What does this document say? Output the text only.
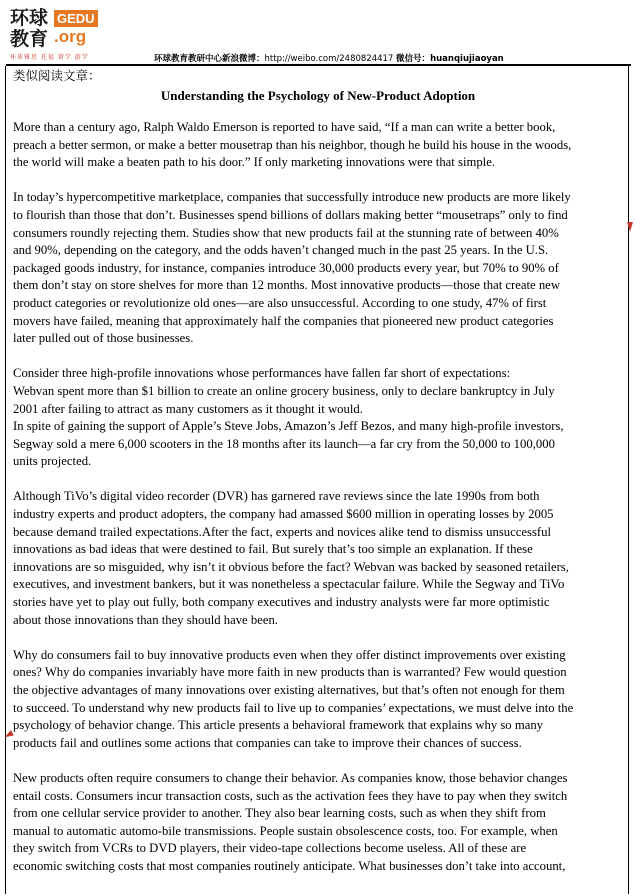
环球教育
GEDU
.org
环球雅思 托福 留学 游学	环球教育教研中心新浪微博：http://weibo.com/2480824417 微信号：huanqiujiaoyan

类似阅读文章：

Understanding the Psychology of New-Product Adoption

More than a century ago, Ralph Waldo Emerson is reported to have said, “If a man can write a better book,
preach a better sermon, or make a better mousetrap than his neighbor, though he build his house in the woods,
the world will make a beaten path to his door.” If only marketing innovations were that simple.

In today’s hypercompetitive marketplace, companies that successfully introduce new products are more likely
to flourish than those that don’t. Businesses spend billions of dollars making better “mousetraps” only to find
consumers roundly rejecting them. Studies show that new products fail at the stunning rate of between 40%
and 90%, depending on the category, and the odds haven’t changed much in the past 25 years. In the U.S.
packaged goods industry, for instance, companies introduce 30,000 products every year, but 70% to 90% of
them don’t stay on store shelves for more than 12 months. Most innovative products—those that create new
product categories or revolutionize old ones—are also unsuccessful. According to one study, 47% of first
movers have failed, meaning that approximately half the companies that pioneered new product categories
later pulled out of those businesses.

Consider three high-profile innovations whose performances have fallen far short of expectations:
Webvan spent more than $1 billion to create an online grocery business, only to declare bankruptcy in July
2001 after failing to attract as many customers as it thought it would.
In spite of gaining the support of Apple’s Steve Jobs, Amazon’s Jeff Bezos, and many high-profile investors,
Segway sold a mere 6,000 scooters in the 18 months after its launch—a far cry from the 50,000 to 100,000
units projected.

Although TiVo’s digital video recorder (DVR) has garnered rave reviews since the late 1990s from both
industry experts and product adopters, the company had amassed $600 million in operating losses by 2005
because demand trailed expectations.After the fact, experts and novices alike tend to dismiss unsuccessful
innovations as bad ideas that were destined to fail. But surely that’s too simple an explanation. If these
innovations are so misguided, why isn’t it obvious before the fact? Webvan was backed by seasoned retailers,
executives, and investment bankers, but it was nonetheless a spectacular failure. While the Segway and TiVo
stories have yet to play out fully, both company executives and industry analysts were far more optimistic
about those innovations than they should have been.

Why do consumers fail to buy innovative products even when they offer distinct improvements over existing
ones? Why do companies invariably have more faith in new products than is warranted? Few would question
the objective advantages of many innovations over existing alternatives, but that’s often not enough for them
to succeed. To understand why new products fail to live up to companies’ expectations, we must delve into the
psychology of behavior change. This article presents a behavioral framework that explains why so many
products fail and outlines some actions that companies can take to improve their chances of success.

New products often require consumers to change their behavior. As companies know, those behavior changes
entail costs. Consumers incur transaction costs, such as the activation fees they have to pay when they switch
from one cellular service provider to another. They also bear learning costs, such as when they shift from
manual to automatic automo-bile transmissions. People sustain obsolescence costs, too. For example, when
they switch from VCRs to DVD players, their video-tape collections become useless. All of these are
economic switching costs that most companies routinely anticipate. What businesses don’t take into account,
